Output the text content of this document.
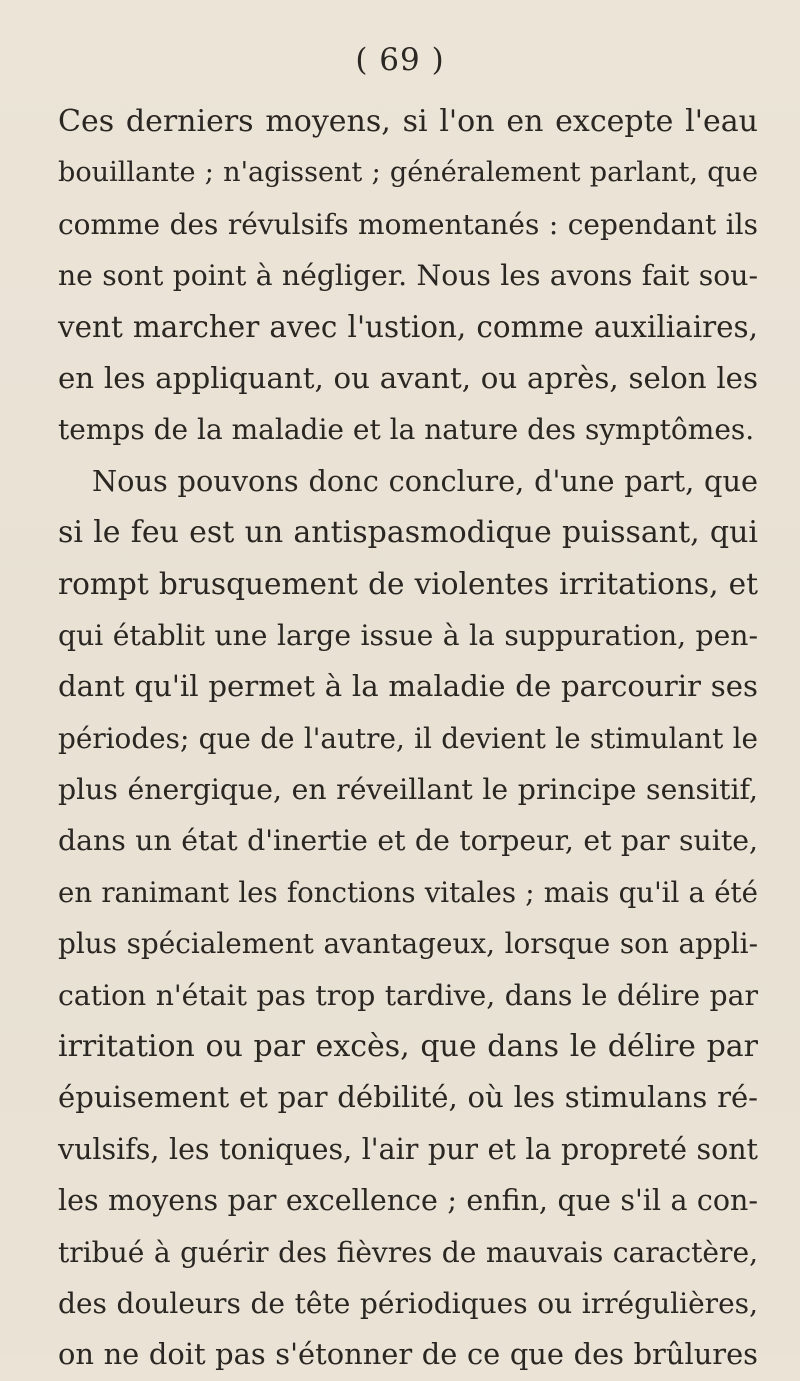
( 69 )
Ces derniers moyens, si l'on en excepte l'eau
bouillante ; n'agissent ; généralement parlant, que
comme des révulsifs momentanés : cependant ils
ne sont point à négliger. Nous les avons fait sou-
vent marcher avec l'ustion, comme auxiliaires,
en les appliquant, ou avant, ou après, selon les
temps de la maladie et la nature des symptômes.
Nous pouvons donc conclure, d'une part, que
si le feu est un antispasmodique puissant, qui
rompt brusquement de violentes irritations, et
qui établit une large issue à la suppuration, pen-
dant qu'il permet à la maladie de parcourir ses
périodes; que de l'autre, il devient le stimulant le
plus énergique, en réveillant le principe sensitif,
dans un état d'inertie et de torpeur, et par suite,
en ranimant les fonctions vitales ; mais qu'il a été
plus spécialement avantageux, lorsque son appli-
cation n'était pas trop tardive, dans le délire par
irritation ou par excès, que dans le délire par
épuisement et par débilité, où les stimulans ré-
vulsifs, les toniques, l'air pur et la propreté sont
les moyens par excellence ; enfin, que s'il a con-
tribué à guérir des fièvres de mauvais caractère,
des douleurs de tête périodiques ou irrégulières,
on ne doit pas s'étonner de ce que des brûlures
